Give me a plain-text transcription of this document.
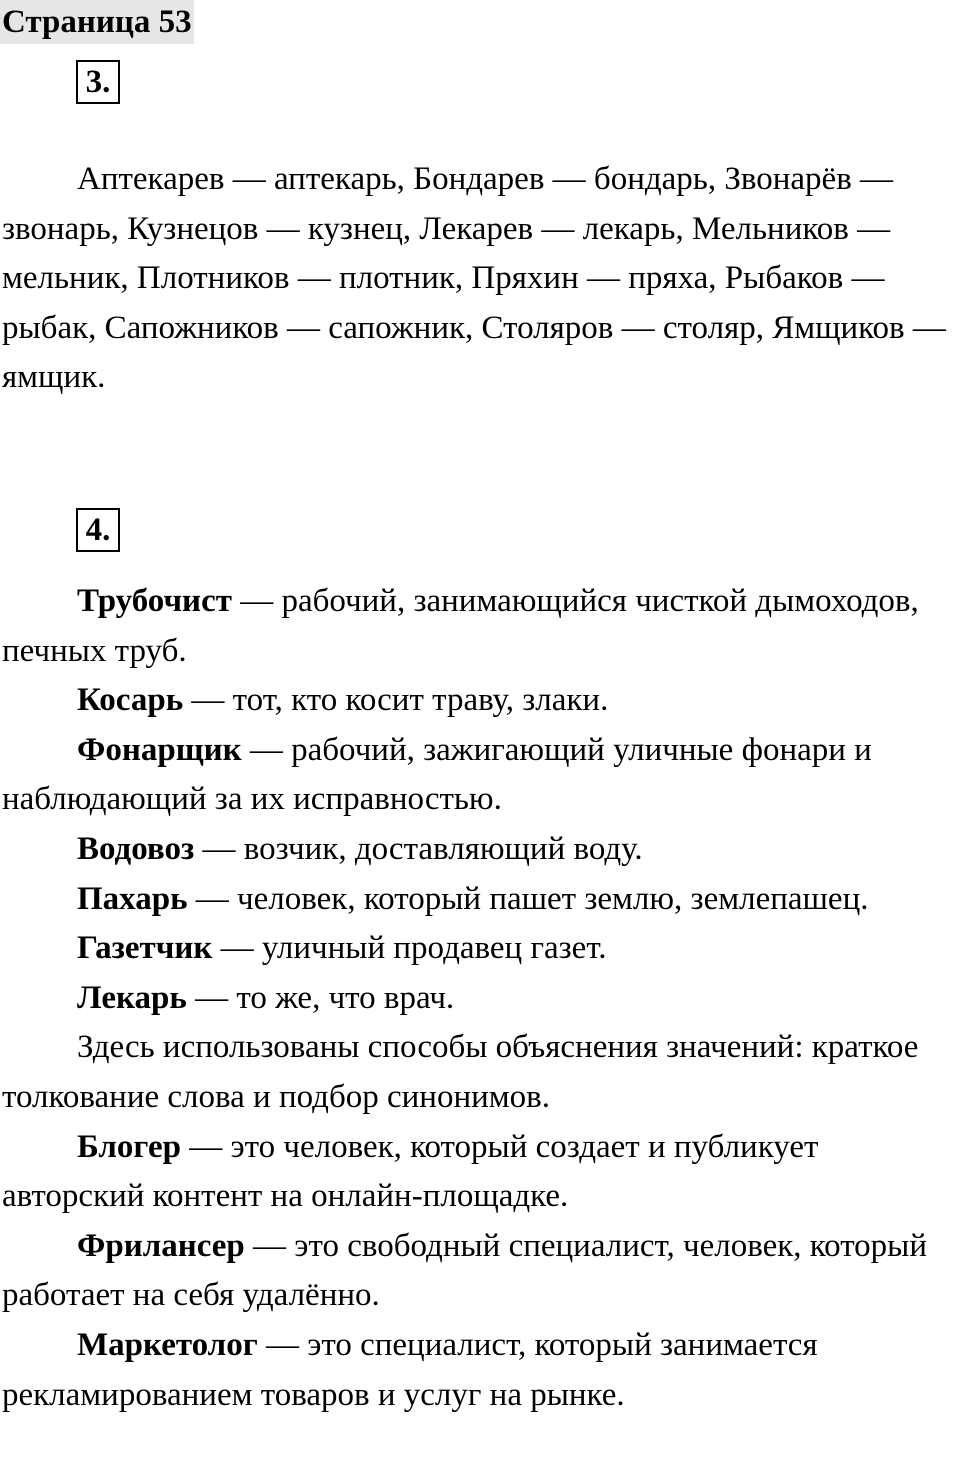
Страница 53
3.

Аптекарев — аптекарь, Бондарев — бондарь, Звонарёв — звонарь, Кузнецов — кузнец, Лекарев — лекарь, Мельников — мельник, Плотников — плотник, Пряхин — пряха, Рыбаков — рыбак, Сапожников — сапожник, Столяров — столяр, Ямщиков — ямщик.

4.

Трубочист — рабочий, занимающийся чисткой дымоходов, печных труб.

Косарь — тот, кто косит траву, злаки.

Фонарщик — рабочий, зажигающий уличные фонари и наблюдающий за их исправностью.

Водовоз — возчик, доставляющий воду.

Пахарь — человек, который пашет землю, землепашец.

Газетчик — уличный продавец газет.

Лекарь — то же, что врач.

Здесь использованы способы объяснения значений: краткое толкование слова и подбор синонимов.

Блогер — это человек, который создает и публикует авторский контент на онлайн-площадке.

Фрилансер — это свободный специалист, человек, который работает на себя удалённо.

Маркетолог — это специалист, который занимается рекламированием товаров и услуг на рынке.
